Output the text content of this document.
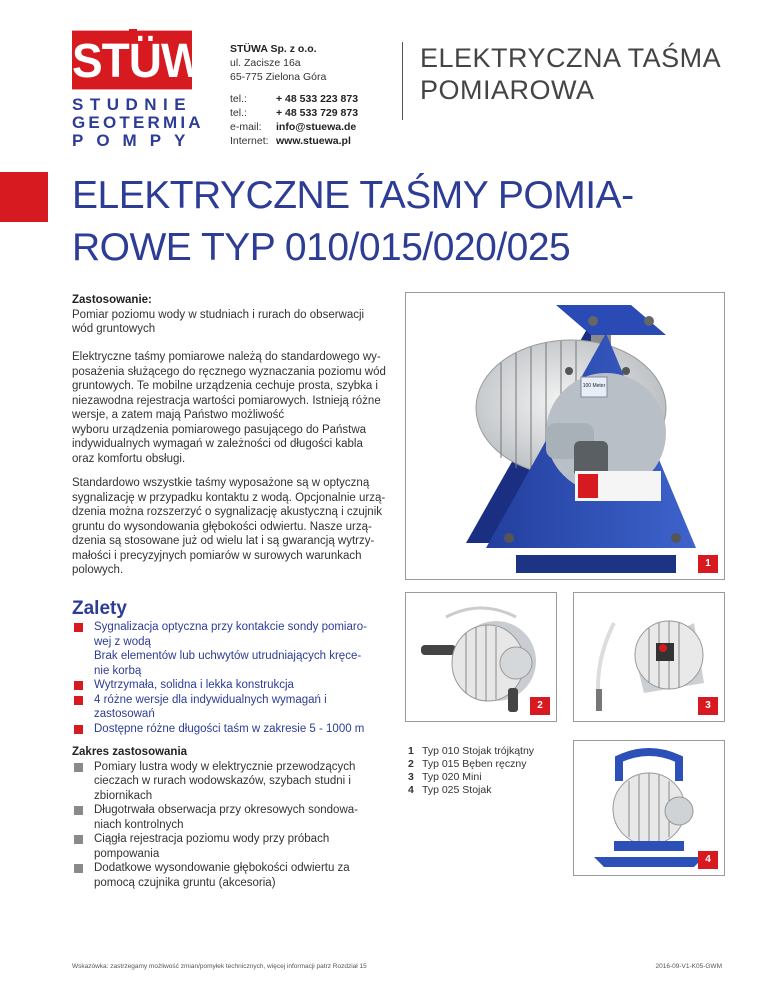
STÜWA
STUDNIE
GEOTERMIA
POMPY
STÜWA Sp. z o.o.
ul. Zacisze 16a
65-775 Zielona Góra
tel.:	+ 48 533 223 873
tel.:	+ 48 533 729 873
e-mail: info@stuewa.de
Internet: www.stuewa.pl
ELEKTRYCZNA TAŚMA
POMIAROWA
ELEKTRYCZNE TAŚMY POMIA-
ROWE TYP 010/015/020/025
Zastosowanie:
Pomiar poziomu wody w studniach i rurach do obserwacji
wód gruntowych
Elektryczne taśmy pomiarowe należą do standardowego wy-
posażenia służącego do ręcznego wyznaczania poziomu wód
gruntowych. Te mobilne urządzenia cechuje prosta, szybka i
niezawodna rejestracja wartości pomiarowych. Istnieją różne
wersje, a zatem mają Państwo możliwość
wyboru urządzenia pomiarowego pasującego do Państwa
indywidualnych wymagań w zależności od długości kabla
oraz komfortu obsługi.
Standardowo wszystkie taśmy wyposażone są w optyczną
sygnalizację w przypadku kontaktu z wodą. Opcjonalnie urzą-
dzenia można rozszerzyć o sygnalizację akustyczną i czujnik
gruntu do wysondowania głębokości odwiertu. Nasze urzą-
dzenia są stosowane już od wielu lat i są gwarancją wytrzy-
małości i precyzyjnych pomiarów w surowych warunkach
polowych.
Zalety
Sygnalizacja optyczna przy kontakcie sondy pomiaro-
wej z wodą
Brak elementów lub uchwytów utrudniających kręce-
nie korbą
Wytrzymała, solidna i lekka konstrukcja
4 różne wersje dla indywidualnych wymagań i
zastosowań
Dostępne różne długości taśm w zakresie 5 - 1000 m
Zakres zastosowania
Pomiary lustra wody w elektrycznie przewodzących
cieczach w rurach wodowskazów, szybach studni i
zbiornikach
Długotrwała obserwacja przy okresowych sondowa-
niach kontrolnych
Ciągła rejestracja poziomu wody przy próbach
pompowania
Dodatkowe wysondowanie głębokości odwiertu za
pomocą czujnika gruntu (akcesoria)
100 Meter
1
2	3
1 Typ 010 Stojak trójkątny
2 Typ 015 Bęben ręczny
3 Typ 020 Mini
4 Typ 025 Stojak
4
Wskazówka: zastrzegamy możliwość zmian/pomyłek technicznych, więcej informacji patrz Rozdział 15	2016-09-V1-K05-GWM
